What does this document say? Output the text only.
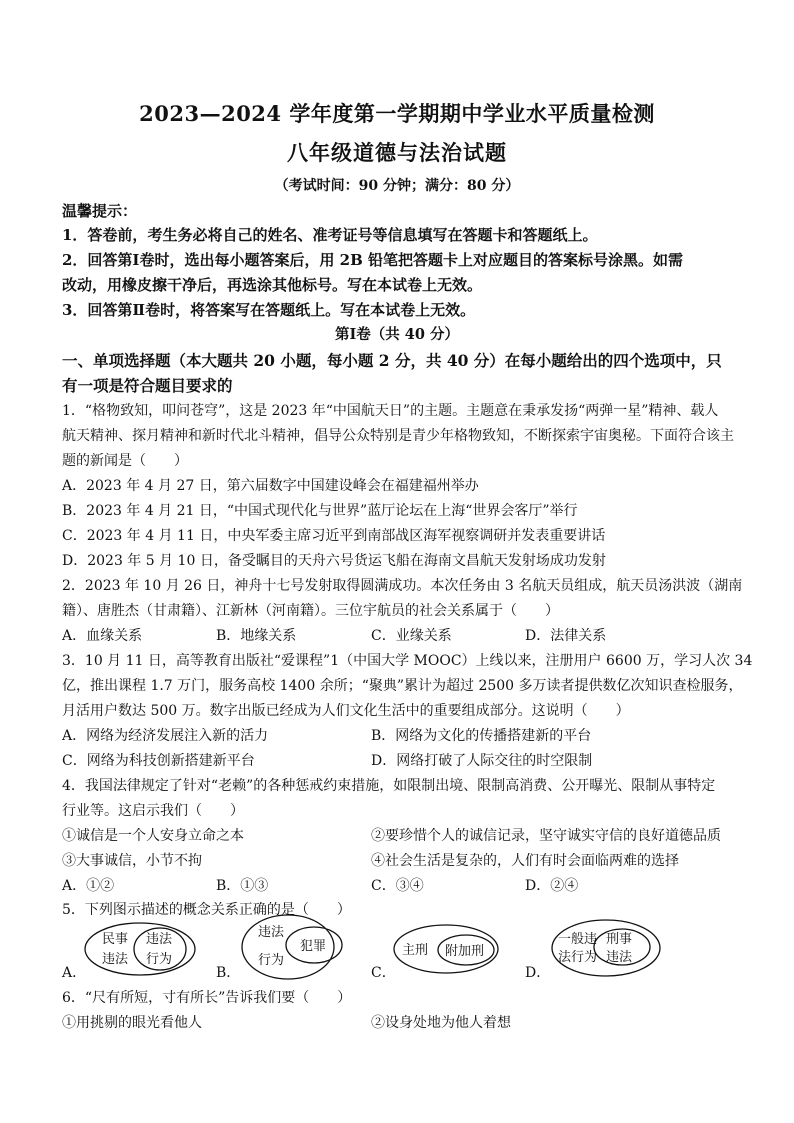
2023—2024 学年度第一学期期中学业水平质量检测
八年级道德与法治试题
（考试时间：90 分钟；满分：80 分）
温馨提示：
1．答卷前，考生务必将自己的姓名、准考证号等信息填写在答题卡和答题纸上。
2．回答第Ⅰ卷时，选出每小题答案后，用 2B 铅笔把答题卡上对应题目的答案标号涂黑。如需
改动，用橡皮擦干净后，再选涂其他标号。写在本试卷上无效。
3．回答第Ⅱ卷时，将答案写在答题纸上。写在本试卷上无效。
第Ⅰ卷（共 40 分）
一、单项选择题（本大题共 20 小题，每小题 2 分，共 40 分）在每小题给出的四个选项中，只
有一项是符合题目要求的
1．“格物致知，叩问苍穹”，这是 2023 年“中国航天日”的主题。主题意在秉承发扬“两弹一星”精神、载人
航天精神、探月精神和新时代北斗精神，倡导公众特别是青少年格物致知，不断探索宇宙奥秘。下面符合该主
题的新闻是（　　）
A．2023 年 4 月 27 日，第六届数字中国建设峰会在福建福州举办
B．2023 年 4 月 21 日，“中国式现代化与世界”蓝厅论坛在上海“世界会客厅”举行
C．2023 年 4 月 11 日，中央军委主席习近平到南部战区海军视察调研并发表重要讲话
D．2023 年 5 月 10 日，备受瞩目的天舟六号货运飞船在海南文昌航天发射场成功发射
2．2023 年 10 月 26 日，神舟十七号发射取得圆满成功。本次任务由 3 名航天员组成，航天员汤洪波（湖南
籍）、唐胜杰（甘肃籍）、江新林（河南籍）。三位宇航员的社会关系属于（　　）
A．血缘关系	B．地缘关系	C．业缘关系	D．法律关系
3．10 月 11 日，高等教育出版社“爱课程”1（中国大学 MOOC）上线以来，注册用户 6600 万，学习人次 34
亿，推出课程 1.7 万门，服务高校 1400 余所；“聚典”累计为超过 2500 多万读者提供数亿次知识查检服务，
月活用户数达 500 万。数字出版已经成为人们文化生活中的重要组成部分。这说明（　　）
A．网络为经济发展注入新的活力	B．网络为文化的传播搭建新的平台
C．网络为科技创新搭建新平台	D．网络打破了人际交往的时空限制
4．我国法律规定了针对“老赖”的各种惩戒约束措施，如限制出境、限制高消费、公开曝光、限制从事特定
行业等。这启示我们（　　）
①诚信是一个人安身立命之本	②要珍惜个人的诚信记录，坚守诚实守信的良好道德品质
③大事诚信，小节不拘	④社会生活是复杂的，人们有时会面临两难的选择
A．①②	B．①③	C．③④	D．②④
5．下列图示描述的概念关系正确的是（　　）
A．
民事
违法
违法
行为
B．
违法
行为
犯罪
C．
主刑 附加刑
D．
一般违
法行为
刑事
违法
6．“尺有所短，寸有所长”告诉我们要（　　）
①用挑剔的眼光看他人	②设身处地为他人着想
